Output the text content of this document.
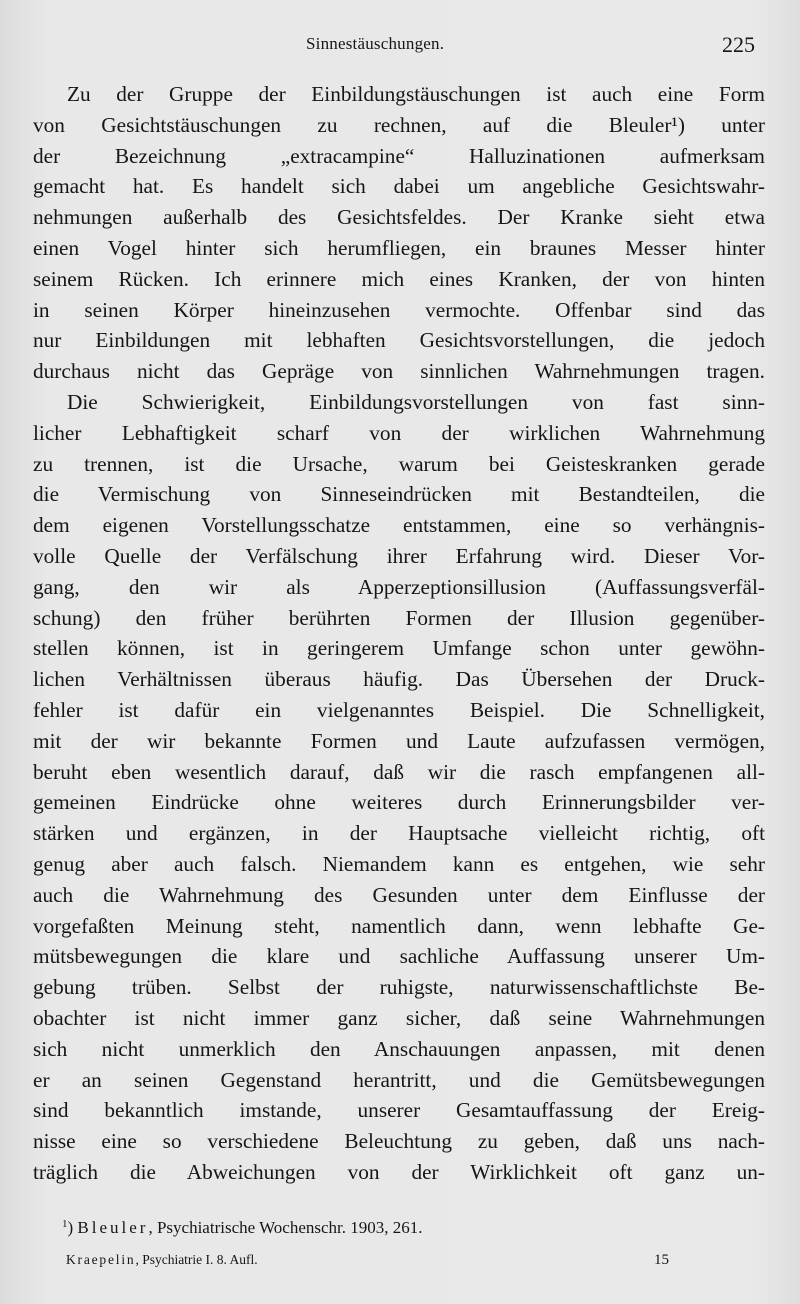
Sinnestäuschungen.	225
Zu der Gruppe der Einbildungstäuschungen ist auch eine Form
von Gesichtstäuschungen zu rechnen, auf die Bleuler¹) unter
der Bezeichnung „extracampine“ Halluzinationen aufmerksam
gemacht hat. Es handelt sich dabei um angebliche Gesichtswahr-
nehmungen außerhalb des Gesichtsfeldes. Der Kranke sieht etwa
einen Vogel hinter sich herumfliegen, ein braunes Messer hinter
seinem Rücken. Ich erinnere mich eines Kranken, der von hinten
in seinen Körper hineinzusehen vermochte. Offenbar sind das
nur Einbildungen mit lebhaften Gesichtsvorstellungen, die jedoch
durchaus nicht das Gepräge von sinnlichen Wahrnehmungen tragen.
Die Schwierigkeit, Einbildungsvorstellungen von fast sinn-
licher Lebhaftigkeit scharf von der wirklichen Wahrnehmung
zu trennen, ist die Ursache, warum bei Geisteskranken gerade
die Vermischung von Sinneseindrücken mit Bestandteilen, die
dem eigenen Vorstellungsschatze entstammen, eine so verhängnis-
volle Quelle der Verfälschung ihrer Erfahrung wird. Dieser Vor-
gang, den wir als Apperzeptionsillusion (Auffassungsverfäl-
schung) den früher berührten Formen der Illusion gegenüber-
stellen können, ist in geringerem Umfange schon unter gewöhn-
lichen Verhältnissen überaus häufig. Das Übersehen der Druck-
fehler ist dafür ein vielgenanntes Beispiel. Die Schnelligkeit,
mit der wir bekannte Formen und Laute aufzufassen vermögen,
beruht eben wesentlich darauf, daß wir die rasch empfangenen all-
gemeinen Eindrücke ohne weiteres durch Erinnerungsbilder ver-
stärken und ergänzen, in der Hauptsache vielleicht richtig, oft
genug aber auch falsch. Niemandem kann es entgehen, wie sehr
auch die Wahrnehmung des Gesunden unter dem Einflusse der
vorgefaßten Meinung steht, namentlich dann, wenn lebhafte Ge-
mütsbewegungen die klare und sachliche Auffassung unserer Um-
gebung trüben. Selbst der ruhigste, naturwissenschaftlichste Be-
obachter ist nicht immer ganz sicher, daß seine Wahrnehmungen
sich nicht unmerklich den Anschauungen anpassen, mit denen
er an seinen Gegenstand herantritt, und die Gemütsbewegungen
sind bekanntlich imstande, unserer Gesamtauffassung der Ereig-
nisse eine so verschiedene Beleuchtung zu geben, daß uns nach-
träglich die Abweichungen von der Wirklichkeit oft ganz un-
$^1$) Bleuler, Psychiatrische Wochenschr. 1903, 261.
Kraepelin, Psychiatrie I. 8. Aufl.	15
